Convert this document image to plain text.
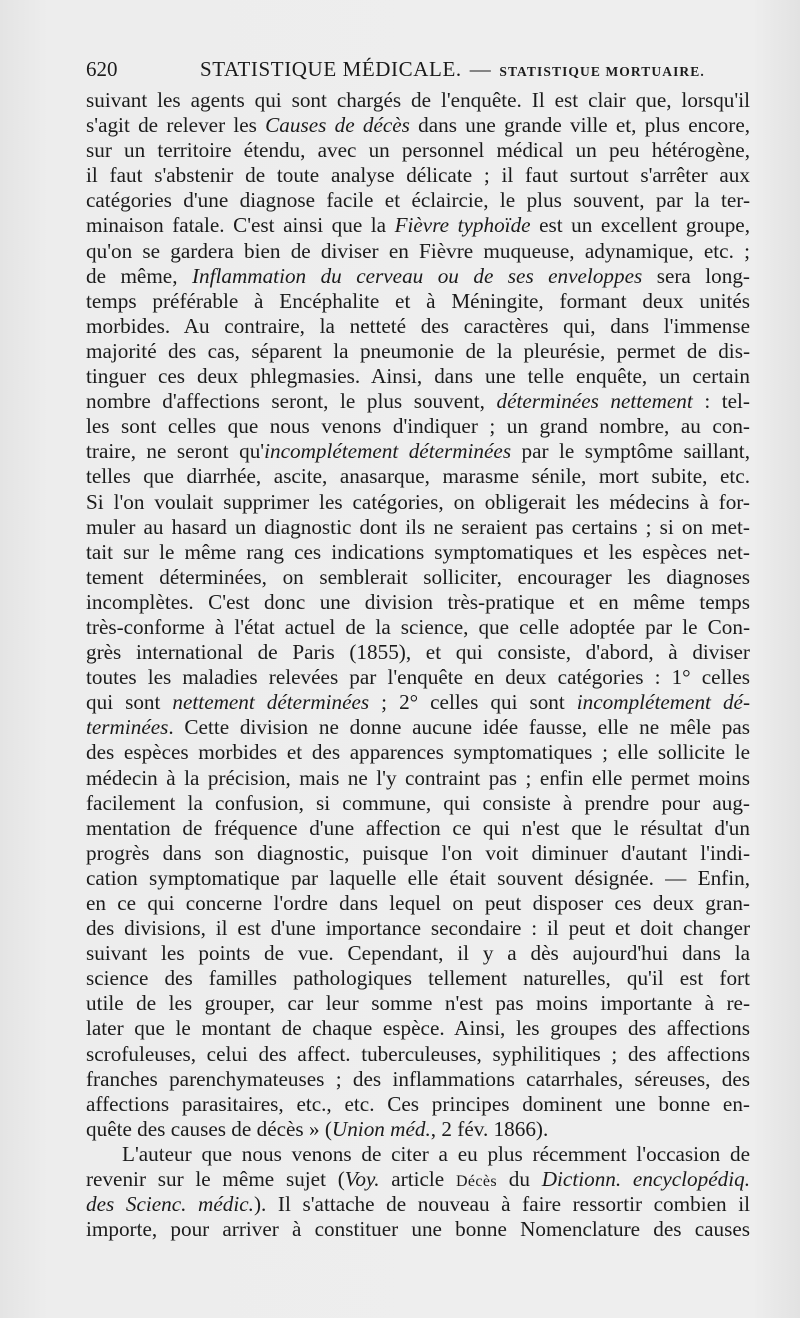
620	STATISTIQUE MÉDICALE. — STATISTIQUE MORTUAIRE.
suivant les agents qui sont chargés de l'enquête. Il est clair que, lorsqu'il
s'agit de relever les Causes de décès dans une grande ville et, plus encore,
sur un territoire étendu, avec un personnel médical un peu hétérogène,
il faut s'abstenir de toute analyse délicate ; il faut surtout s'arrêter aux
catégories d'une diagnose facile et éclaircie, le plus souvent, par la ter-
minaison fatale. C'est ainsi que la Fièvre typhoïde est un excellent groupe,
qu'on se gardera bien de diviser en Fièvre muqueuse, adynamique, etc. ;
de même, Inflammation du cerveau ou de ses enveloppes sera long-
temps préférable à Encéphalite et à Méningite, formant deux unités
morbides. Au contraire, la netteté des caractères qui, dans l'immense
majorité des cas, séparent la pneumonie de la pleurésie, permet de dis-
tinguer ces deux phlegmasies. Ainsi, dans une telle enquête, un certain
nombre d'affections seront, le plus souvent, déterminées nettement : tel-
les sont celles que nous venons d'indiquer ; un grand nombre, au con-
traire, ne seront qu'incomplétement déterminées par le symptôme saillant,
telles que diarrhée, ascite, anasarque, marasme sénile, mort subite, etc.
Si l'on voulait supprimer les catégories, on obligerait les médecins à for-
muler au hasard un diagnostic dont ils ne seraient pas certains ; si on met-
tait sur le même rang ces indications symptomatiques et les espèces net-
tement déterminées, on semblerait solliciter, encourager les diagnoses
incomplètes. C'est donc une division très-pratique et en même temps
très-conforme à l'état actuel de la science, que celle adoptée par le Con-
grès international de Paris (1855), et qui consiste, d'abord, à diviser
toutes les maladies relevées par l'enquête en deux catégories : 1° celles
qui sont nettement déterminées ; 2° celles qui sont incomplétement dé-
terminées. Cette division ne donne aucune idée fausse, elle ne mêle pas
des espèces morbides et des apparences symptomatiques ; elle sollicite le
médecin à la précision, mais ne l'y contraint pas ; enfin elle permet moins
facilement la confusion, si commune, qui consiste à prendre pour aug-
mentation de fréquence d'une affection ce qui n'est que le résultat d'un
progrès dans son diagnostic, puisque l'on voit diminuer d'autant l'indi-
cation symptomatique par laquelle elle était souvent désignée. — Enfin,
en ce qui concerne l'ordre dans lequel on peut disposer ces deux gran-
des divisions, il est d'une importance secondaire : il peut et doit changer
suivant les points de vue. Cependant, il y a dès aujourd'hui dans la
science des familles pathologiques tellement naturelles, qu'il est fort
utile de les grouper, car leur somme n'est pas moins importante à re-
later que le montant de chaque espèce. Ainsi, les groupes des affections
scrofuleuses, celui des affect. tuberculeuses, syphilitiques ; des affections
franches parenchymateuses ; des inflammations catarrhales, séreuses, des
affections parasitaires, etc., etc. Ces principes dominent une bonne en-
quête des causes de décès » (Union méd., 2 fév. 1866).
L'auteur que nous venons de citer a eu plus récemment l'occasion de
revenir sur le même sujet (Voy. article Décès du Dictionn. encyclopédiq.
des Scienc. médic.). Il s'attache de nouveau à faire ressortir combien il
importe, pour arriver à constituer une bonne Nomenclature des causes
